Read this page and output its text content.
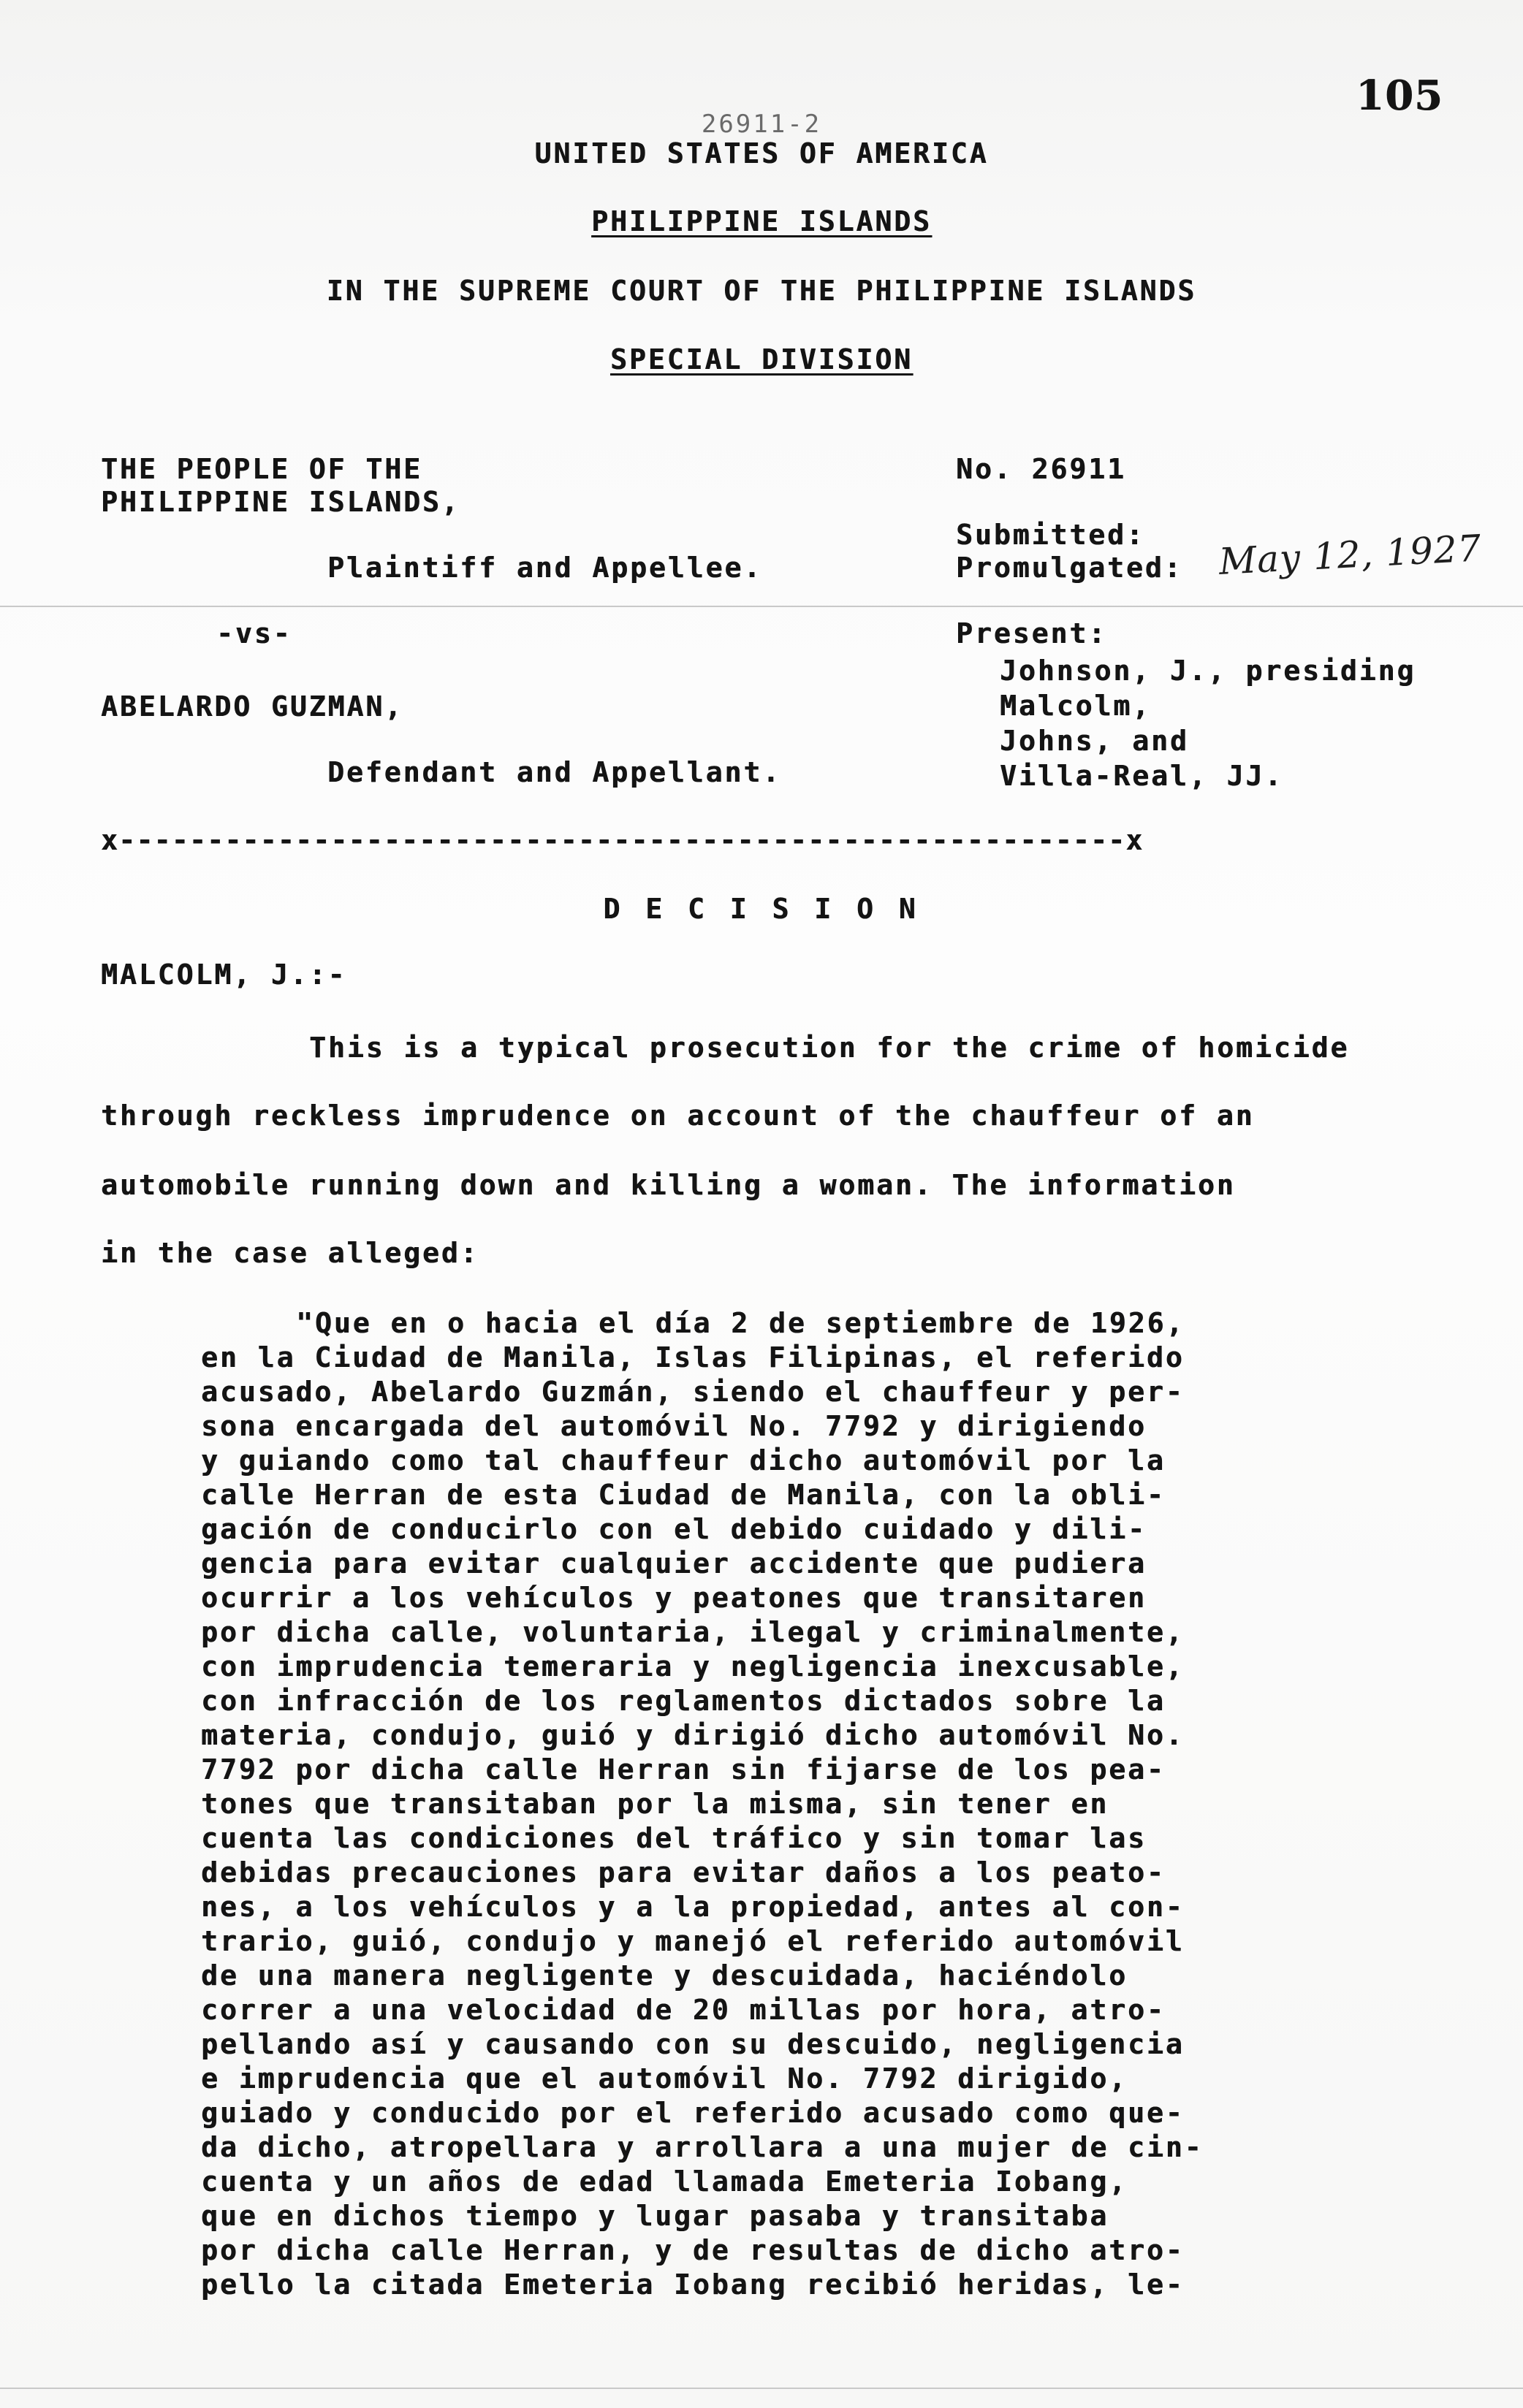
105
26911-2
UNITED STATES OF AMERICA
PHILIPPINE ISLANDS
IN THE SUPREME COURT OF THE PHILIPPINE ISLANDS
SPECIAL DIVISION
THE PEOPLE OF THE
PHILIPPINE ISLANDS,
Plaintiff and Appellee.
-vs-
ABELARDO GUZMAN,
Defendant and Appellant.
No. 26911
Submitted:
Promulgated: May 12, 1927
Present:
Johnson, J., presiding
Malcolm,
Johns, and
Villa-Real, JJ.
x---------------------------------------------------------x
D E C I S I O N
MALCOLM, J.:-
This is a typical prosecution for the crime of homicide
through reckless imprudence on account of the chauffeur of an
automobile running down and killing a woman. The information
in the case alleged:
"Que en o hacia el día 2 de septiembre de 1926,
en la Ciudad de Manila, Islas Filipinas, el referido
acusado, Abelardo Guzmán, siendo el chauffeur y per-
sona encargada del automóvil No. 7792 y dirigiendo
y guiando como tal chauffeur dicho automóvil por la
calle Herran de esta Ciudad de Manila, con la obli-
gación de conducirlo con el debido cuidado y dili-
gencia para evitar cualquier accidente que pudiera
ocurrir a los vehículos y peatones que transitaren
por dicha calle, voluntaria, ilegal y criminalmente,
con imprudencia temeraria y negligencia inexcusable,
con infracción de los reglamentos dictados sobre la
materia, condujo, guió y dirigió dicho automóvil No.
7792 por dicha calle Herran sin fijarse de los pea-
tones que transitaban por la misma, sin tener en
cuenta las condiciones del tráfico y sin tomar las
debidas precauciones para evitar daños a los peato-
nes, a los vehículos y a la propiedad, antes al con-
trario, guió, condujo y manejó el referido automóvil
de una manera negligente y descuidada, haciéndolo
correr a una velocidad de 20 millas por hora, atro-
pellando así y causando con su descuido, negligencia
e imprudencia que el automóvil No. 7792 dirigido,
guiado y conducido por el referido acusado como que-
da dicho, atropellara y arrollara a una mujer de cin-
cuenta y un años de edad llamada Emeteria Iobang,
que en dichos tiempo y lugar pasaba y transitaba
por dicha calle Herran, y de resultas de dicho atro-
pello la citada Emeteria Iobang recibió heridas, le-
